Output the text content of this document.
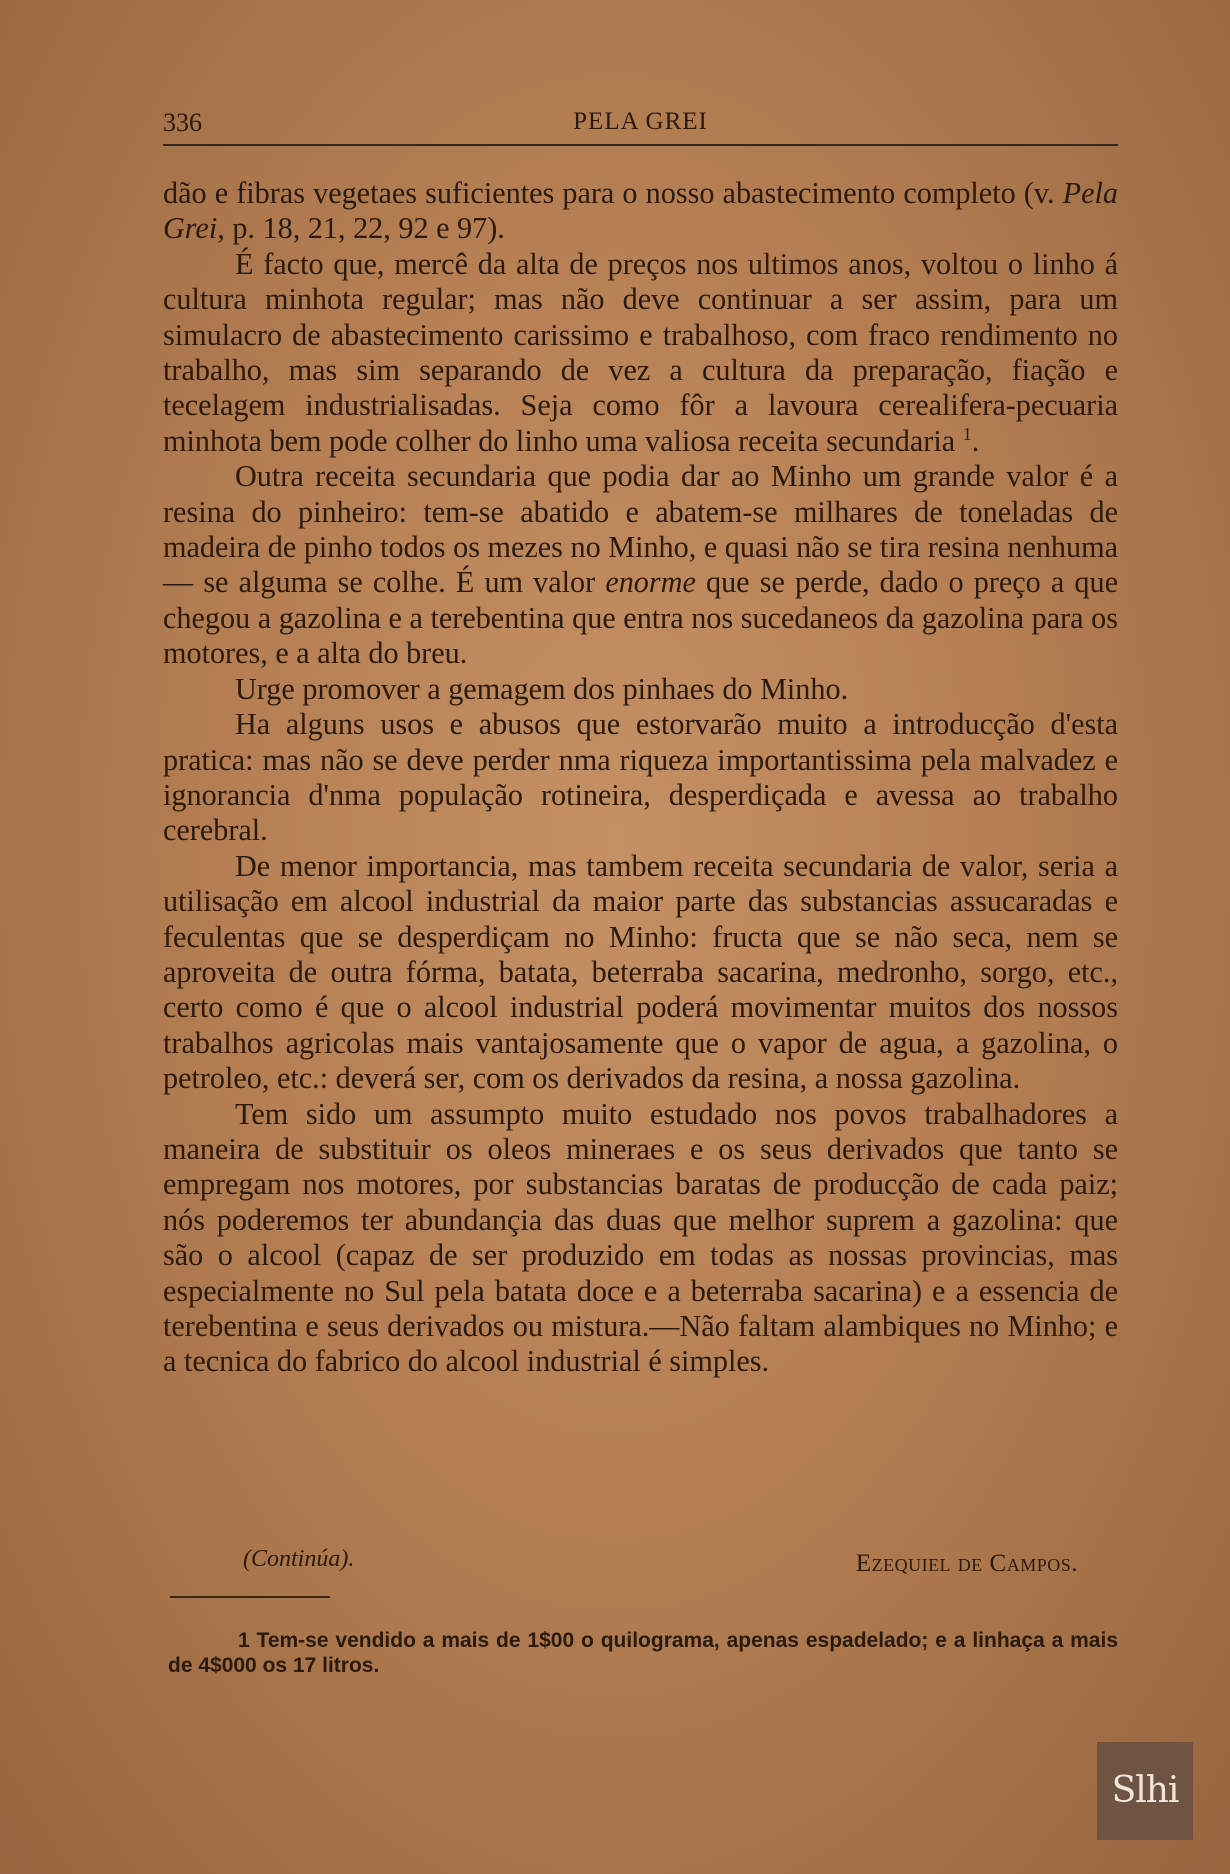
336	PELA GREI

dão e fibras vegetaes suficientes para o nosso abastecimento completo (v. Pela Grei, p. 18, 21, 22, 92 e 97).

É facto que, mercê da alta de preços nos ultimos anos, voltou o linho á cultura minhota regular; mas não deve continuar a ser assim, para um simulacro de abastecimento carissimo e trabalhoso, com fraco rendimento no trabalho, mas sim separando de vez a cultura da preparação, fiação e tecelagem industrialisadas. Seja como fôr a lavoura cerealifera-pecuaria minhota bem pode colher do linho uma valiosa receita secundaria $^1$.

Outra receita secundaria que podia dar ao Minho um grande valor é a resina do pinheiro: tem-se abatido e abatem-se milhares de toneladas de madeira de pinho todos os mezes no Minho, e quasi não se tira resina nenhuma — se alguma se colhe. É um valor enorme que se perde, dado o preço a que chegou a gazolina e a terebentina que entra nos sucedaneos da gazolina para os motores, e a alta do breu.

Urge promover a gemagem dos pinhaes do Minho.

Ha alguns usos e abusos que estorvarão muito a introducção d'esta pratica: mas não se deve perder nma riqueza importantissima pela malvadez e ignorancia d'nma população rotineira, desperdiçada e avessa ao trabalho cerebral.

De menor importancia, mas tambem receita secundaria de valor, seria a utilisação em alcool industrial da maior parte das substancias assucaradas e feculentas que se desperdiçam no Minho: fructa que se não seca, nem se aproveita de outra fórma, batata, beterraba sacarina, medronho, sorgo, etc., certo como é que o alcool industrial poderá movimentar muitos dos nossos trabalhos agricolas mais vantajosamente que o vapor de agua, a gazolina, o petroleo, etc.: deverá ser, com os derivados da resina, a nossa gazolina.

Tem sido um assumpto muito estudado nos povos trabalhadores a maneira de substituir os oleos mineraes e os seus derivados que tanto se empregam nos motores, por substancias baratas de producção de cada paiz; nós poderemos ter abundançia das duas que melhor suprem a gazolina: que são o alcool (capaz de ser produzido em todas as nossas provincias, mas especialmente no Sul pela batata doce e a beterraba sacarina) e a essencia de terebentina e seus derivados ou mistura.—Não faltam alambiques no Minho; e a tecnica do fabrico do alcool industrial é simples.

(Continúa).	Ezequiel de Campos.
1 Tem-se vendido a mais de 1$00 o quilograma, apenas espadelado; e a linhaça a mais de 4$000 os 17 litros.
Slhi
